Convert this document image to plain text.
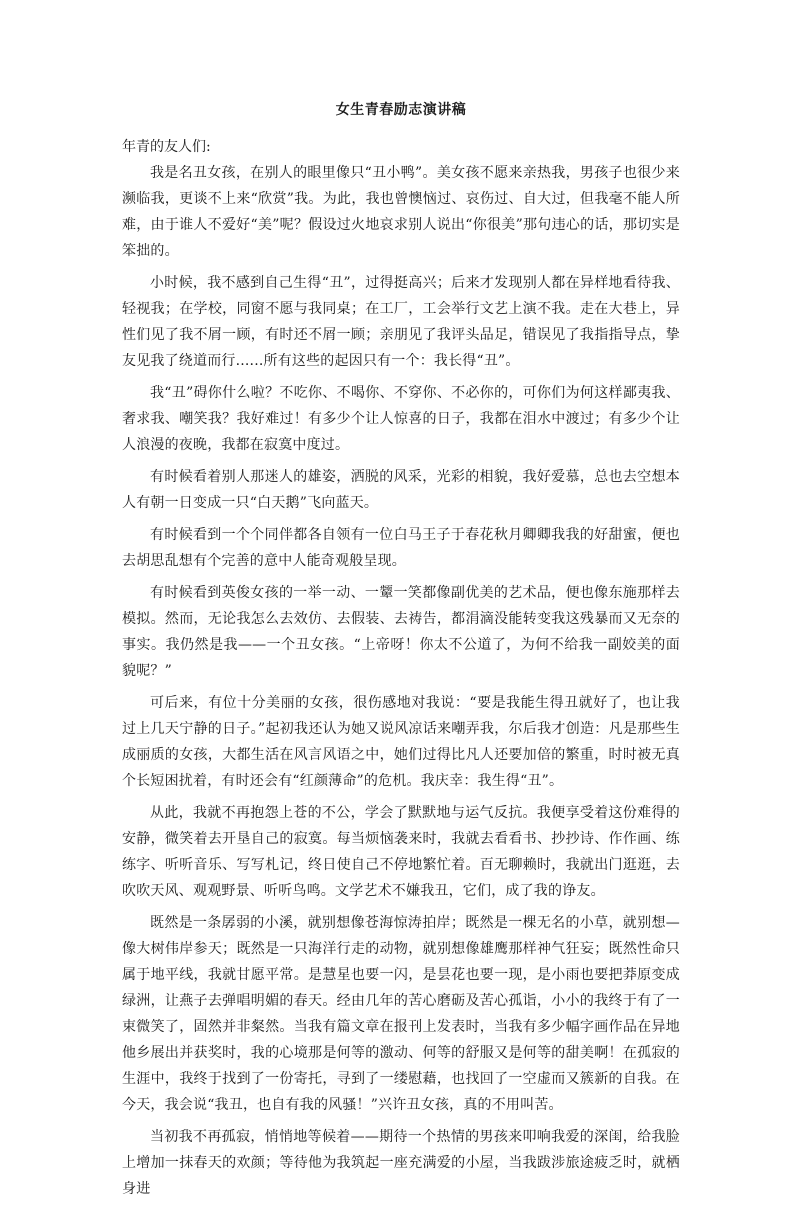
女生青春励志演讲稿

年青的友人们:

我是名丑女孩，在别人的眼里像只“丑小鸭”。美女孩不愿来亲热我，男孩子也很少来濒临我，更谈不上来“欣赏”我。为此，我也曾懊恼过、哀伤过、自大过，但我毫不能人所难，由于谁人不爱好“美”呢？假设过火地哀求别人说出“你很美”那句违心的话，那切实是笨拙的。

小时候，我不感到自己生得“丑”，过得挺高兴；后来才发现别人都在异样地看待我、轻视我；在学校，同窗不愿与我同桌；在工厂，工会举行文艺上演不我。走在大巷上，异性们见了我不屑一顾，有时还不屑一顾；亲朋见了我评头品足，错误见了我指指导点，挚友见我了绕道而行......所有这些的起因只有一个：我长得“丑”。

我“丑”碍你什么啦？不吃你、不喝你、不穿你、不必你的，可你们为何这样鄙夷我、奢求我、嘲笑我？我好难过！有多少个让人惊喜的日子，我都在泪水中渡过；有多少个让人浪漫的夜晚，我都在寂寞中度过。

有时候看着别人那迷人的雄姿，洒脱的风采，光彩的相貌，我好爱慕，总也去空想本人有朝一日变成一只“白天鹅”飞向蓝天。

有时候看到一个个同伴都各自领有一位白马王子于春花秋月卿卿我我的好甜蜜，便也去胡思乱想有个完善的意中人能奇观般呈现。

有时候看到英俊女孩的一举一动、一颦一笑都像副优美的艺术品，便也像东施那样去模拟。然而，无论我怎么去效仿、去假装、去祷告，都涓滴没能转变我这残暴而又无奈的事实。我仍然是我——一个丑女孩。“上帝呀！你太不公道了，为何不给我一副姣美的面貌呢？”

可后来，有位十分美丽的女孩，很伤感地对我说：“要是我能生得丑就好了，也让我过上几天宁静的日子。”起初我还认为她又说风凉话来嘲弄我，尔后我才创造：凡是那些生成丽质的女孩，大都生活在风言风语之中，她们过得比凡人还要加倍的繁重，时时被无真个长短困扰着，有时还会有“红颜薄命”的危机。我庆幸：我生得“丑”。

从此，我就不再抱怨上苍的不公，学会了默默地与运气反抗。我便享受着这份难得的安静，微笑着去开垦自己的寂寞。每当烦恼袭来时，我就去看看书、抄抄诗、作作画、练练字、听听音乐、写写札记，终日使自己不停地繁忙着。百无聊赖时，我就出门逛逛，去吹吹天风、观观野景、听听鸟鸣。文学艺术不嫌我丑，它们，成了我的诤友。

既然是一条孱弱的小溪，就别想像苍海惊涛拍岸；既然是一棵无名的小草，就别想—像大树伟岸参天；既然是一只海洋行走的动物，就别想像雄鹰那样神气狂妄；既然性命只属于地平线，我就甘愿平常。是慧星也要一闪，是昙花也要一现，是小雨也要把莽原变成绿洲，让燕子去弹唱明媚的春天。经由几年的苦心磨砺及苦心孤诣，小小的我终于有了一束微笑了，固然并非粲然。当我有篇文章在报刊上发表时，当我有多少幅字画作品在异地他乡展出并获奖时，我的心境那是何等的激动、何等的舒服又是何等的甜美啊！在孤寂的生涯中，我终于找到了一份寄托，寻到了一缕慰藉，也找回了一空虚而又簇新的自我。在今天，我会说“我丑，也自有我的风骚！”兴许丑女孩，真的不用叫苦。

当初我不再孤寂，悄悄地等候着——期待一个热情的男孩来叩响我爱的深闺，给我脸上增加一抹春天的欢颜；等待他为我筑起一座充满爱的小屋，当我跋涉旅途疲乏时，就栖身进
